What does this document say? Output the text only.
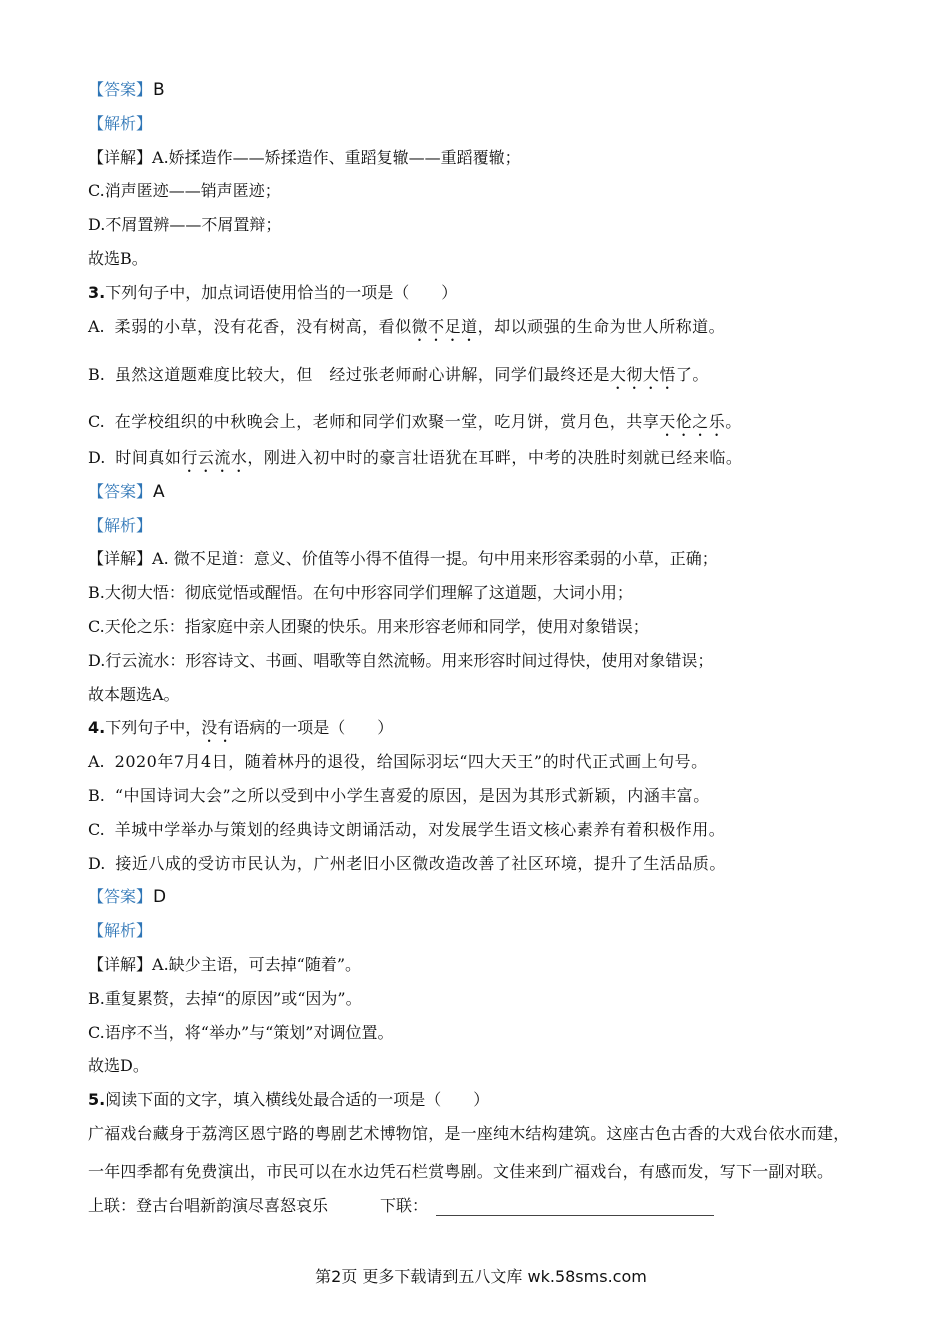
【答案】B
【解析】
【详解】A.娇揉造作——矫揉造作、重蹈复辙——重蹈覆辙；
C.消声匿迹——销声匿迹；
D.不屑置辨——不屑置辩；
故选B。
3.下列句子中，加点词语使用恰当的一项是（　　）
A. 柔弱的小草，没有花香，没有树高，看似微不足道，却以顽强的生命为世人所称道。
B. 虽然这道题难度比较大，但　经过张老师耐心讲解，同学们最终还是大彻大悟了。
C. 在学校组织的中秋晚会上，老师和同学们欢聚一堂，吃月饼，赏月色，共享天伦之乐。
D. 时间真如行云流水，刚进入初中时的豪言壮语犹在耳畔，中考的决胜时刻就已经来临。
【答案】A
【解析】
【详解】A. 微不足道：意义、价值等小得不值得一提。句中用来形容柔弱的小草，正确；
B.大彻大悟：彻底觉悟或醒悟。在句中形容同学们理解了这道题，大词小用；
C.天伦之乐：指家庭中亲人团聚的快乐。用来形容老师和同学，使用对象错误；
D.行云流水：形容诗文、书画、唱歌等自然流畅。用来形容时间过得快，使用对象错误；
故本题选A。
4.下列句子中，没有语病的一项是（　　）
A. 2020年7月4日，随着林丹的退役，给国际羽坛“四大天王”的时代正式画上句号。
B. “中国诗词大会”之所以受到中小学生喜爱的原因，是因为其形式新颖，内涵丰富。
C. 羊城中学举办与策划的经典诗文朗诵活动，对发展学生语文核心素养有着积极作用。
D. 接近八成的受访市民认为，广州老旧小区微改造改善了社区环境，提升了生活品质。
【答案】D
【解析】
【详解】A.缺少主语，可去掉“随着”。
B.重复累赘，去掉“的原因”或“因为”。
C.语序不当，将“举办”与“策划”对调位置。
故选D。
5.阅读下面的文字，填入横线处最合适的一项是（　　）
广福戏台藏身于荔湾区恩宁路的粤剧艺术博物馆，是一座纯木结构建筑。这座古色古香的大戏台依水而建，
一年四季都有免费演出，市民可以在水边凭石栏赏粤剧。文佳来到广福戏台，有感而发，写下一副对联。
上联：登古台唱新韵演尽喜怒哀乐	下联：
第2页 更多下载请到五八文库 wk.58sms.com
